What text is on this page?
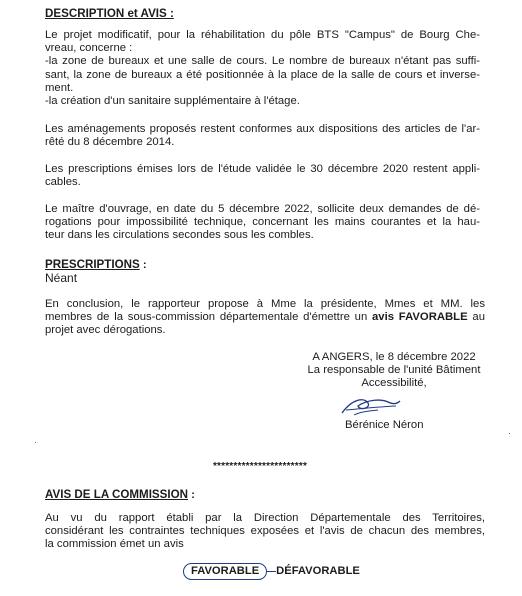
DESCRIPTION et AVIS :
Le projet modificatif, pour la réhabilitation du pôle BTS "Campus" de Bourg Che-
vreau, concerne :
-la zone de bureaux et une salle de cours. Le nombre de bureaux n'étant pas suffi-
sant, la zone de bureaux a été positionnée à la place de la salle de cours et inverse-
ment.
-la création d'un sanitaire supplémentaire à l'étage.
Les aménagements proposés restent conformes aux dispositions des articles de l'ar-
rêté du 8 décembre 2014.
Les prescriptions émises lors de l'étude validée le 30 décembre 2020 restent appli-
cables.
Le maître d'ouvrage, en date du 5 décembre 2022, sollicite deux demandes de dé-
rogations pour impossibilité technique, concernant les mains courantes et la hau-
teur dans les circulations secondes sous les combles.
PRESCRIPTIONS :
Néant
En conclusion, le rapporteur propose à Mme la présidente, Mmes et MM. les
membres de la sous-commission départementale d'émettre un avis FAVORABLE au
projet avec dérogations.
A ANGERS, le 8 décembre 2022
La responsable de l'unité Bâtiment
Accessibilité,
Bérénice Néron
***********************
AVIS DE LA COMMISSION :
Au vu du rapport établi par la Direction Départementale des Territoires,
considérant les contraintes techniques exposées et l'avis de chacun des membres,
la commission émet un avis
FAVORABLE DÉFAVORABLE
·
·
